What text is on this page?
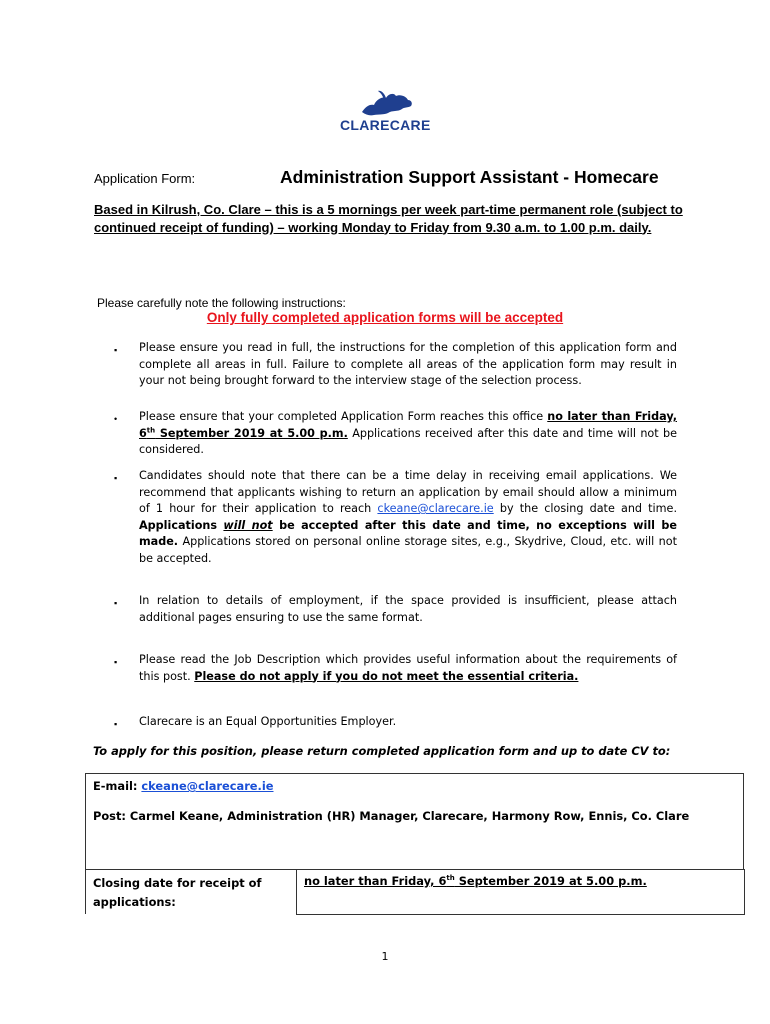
CLARECARE
Application Form:	Administration Support Assistant - Homecare
Based in Kilrush, Co. Clare – this is a 5 mornings per week part-time permanent role (subject to continued receipt of funding) – working Monday to Friday from 9.30 a.m. to 1.00 p.m. daily.
Please carefully note the following instructions:
Only fully completed application forms will be accepted
▪ Please ensure you read in full, the instructions for the completion of this application form and complete all areas in full. Failure to complete all areas of the application form may result in your not being brought forward to the interview stage of the selection process.
• Please ensure that your completed Application Form reaches this office no later than Friday, 6th September 2019 at 5.00 p.m. Applications received after this date and time will not be considered.
▪ Candidates should note that there can be a time delay in receiving email applications. We recommend that applicants wishing to return an application by email should allow a minimum of 1 hour for their application to reach ckeane@clarecare.ie by the closing date and time. Applications will not be accepted after this date and time, no exceptions will be made. Applications stored on personal online storage sites, e.g., Skydrive, Cloud, etc. will not be accepted.
▪ In relation to details of employment, if the space provided is insufficient, please attach additional pages ensuring to use the same format.
▪ Please read the Job Description which provides useful information about the requirements of this post. Please do not apply if you do not meet the essential criteria.
▪ Clarecare is an Equal Opportunities Employer.
To apply for this position, please return completed application form and up to date CV to:
E-mail: ckeane@clarecare.ie
Post: Carmel Keane, Administration (HR) Manager, Clarecare, Harmony Row, Ennis, Co. Clare
Closing date for receipt of applications:
no later than Friday, 6th September 2019 at 5.00 p.m.
1
